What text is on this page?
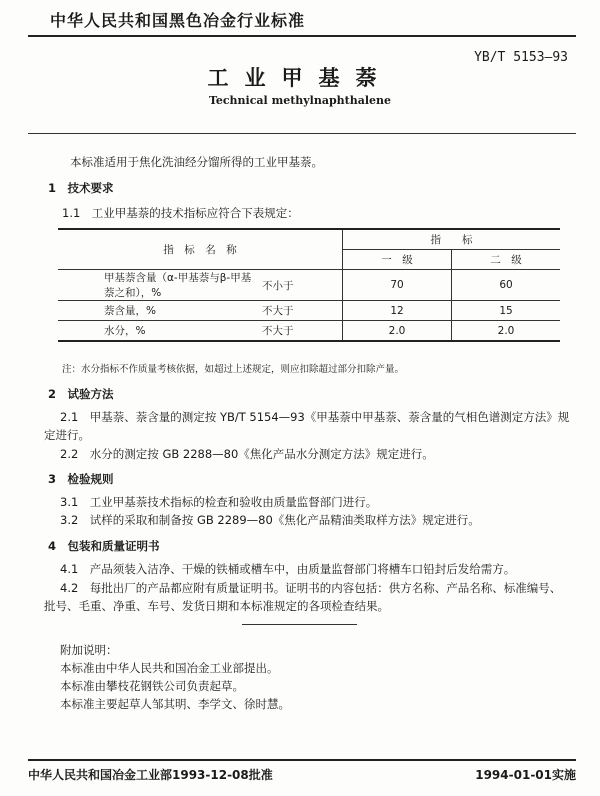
中华人民共和国黑色冶金行业标准
YB/T 5153—93
工业甲基萘
Technical methylnaphthalene
本标准适用于焦化洗油经分馏所得的工业甲基萘。
1　技术要求
1.1　工业甲基萘的技术指标应符合下表规定：
指　标　名　称		指　　标	
		一　级	二　级
甲基萘含量（α-甲基萘与β-甲基萘之和），%	不小于	70	60
萘含量，%	不大于	12	15
水分，%	不大于	2.0	2.0
注：水分指标不作质量考核依据，如超过上述规定，则应扣除超过部分扣除产量。
2　试验方法
2.1　甲基萘、萘含量的测定按 YB/T 5154—93《甲基萘中甲基萘、萘含量的气相色谱测定方法》规
定进行。
2.2　水分的测定按 GB 2288—80《焦化产品水分测定方法》规定进行。
3　检验规则
3.1　工业甲基萘技术指标的检查和验收由质量监督部门进行。
3.2　试样的采取和制备按 GB 2289—80《焦化产品精油类取样方法》规定进行。
4　包装和质量证明书
4.1　产品须装入洁净、干燥的铁桶或槽车中，由质量监督部门将槽车口铅封后发给需方。
4.2　每批出厂的产品都应附有质量证明书。证明书的内容包括：供方名称、产品名称、标准编号、
批号、毛重、净重、车号、发货日期和本标准规定的各项检查结果。
附加说明：
本标准由中华人民共和国冶金工业部提出。
本标准由攀枝花钢铁公司负责起草。
本标准主要起草人邹其明、李学文、徐时慧。
中华人民共和国冶金工业部1993-12-08批准	1994-01-01实施
